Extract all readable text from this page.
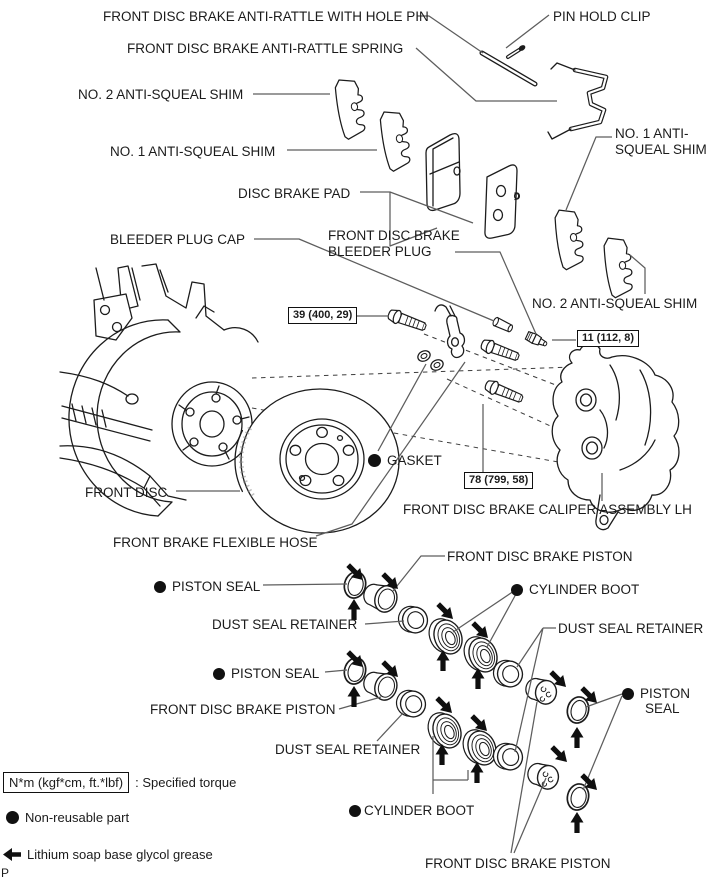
FRONT DISC BRAKE ANTI-RATTLE WITH HOLE PIN	PIN HOLD CLIP
FRONT DISC BRAKE ANTI-RATTLE SPRING
NO. 2 ANTI-SQUEAL SHIM
NO. 1 ANTI-SQUEAL SHIM
DISC BRAKE PAD
NO. 1 ANTI-
SQUEAL SHIM
BLEEDER PLUG CAP	FRONT DISC BRAKE
BLEEDER PLUG
NO. 2 ANTI-SQUEAL SHIM
39 (400, 29)
11 (112, 8)
78 (799, 58)
GASKET
FRONT DISC
FRONT DISC BRAKE CALIPER ASSEMBLY LH
FRONT BRAKE FLEXIBLE HOSE
FRONT DISC BRAKE PISTON
PISTON SEAL
DUST SEAL RETAINER
CYLINDER BOOT
DUST SEAL RETAINER
PISTON SEAL
FRONT DISC BRAKE PISTON
DUST SEAL RETAINER
PISTON
SEAL
CYLINDER BOOT
FRONT DISC BRAKE PISTON
N*m (kgf*cm, ft.*lbf) : Specified torque
Non-reusable part
Lithium soap base glycol grease
P
